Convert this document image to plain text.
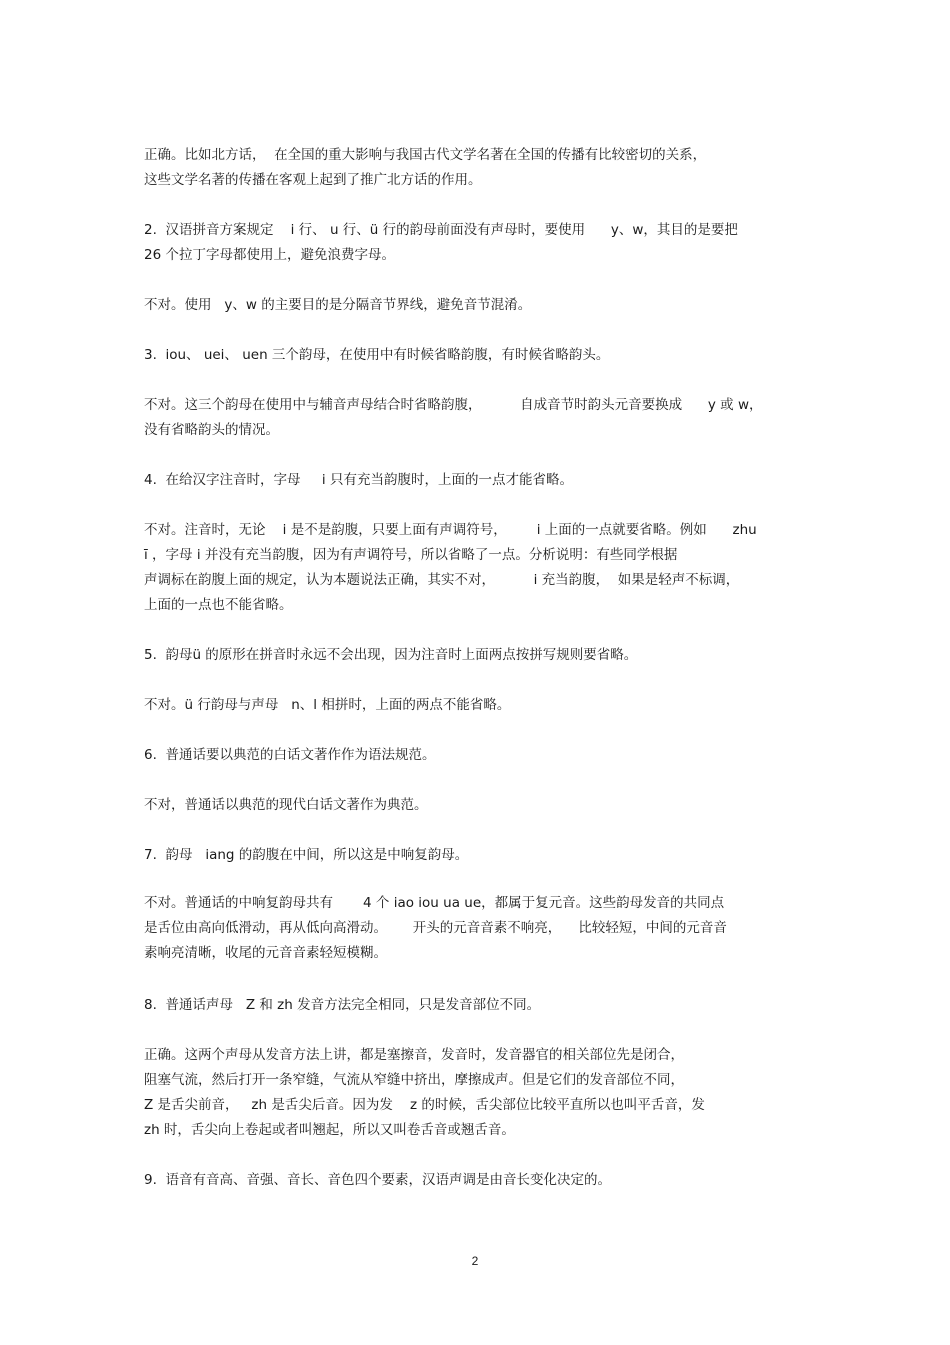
正确。比如北方话，  在全国的重大影响与我国古代文学名著在全国的传播有比较密切的关系，

这些文学名著的传播在客观上起到了推广北方话的作用。

2.  汉语拼音方案规定    i 行、 u 行、ü 行的韵母前面没有声母时，要使用      y、w，其目的是要把

26 个拉丁字母都使用上，避免浪费字母。

不对。使用   y、w 的主要目的是分隔音节界线，避免音节混淆。

3.  iou、 uei、 uen 三个韵母，在使用中有时候省略韵腹，有时候省略韵头。

不对。这三个韵母在使用中与辅音声母结合时省略韵腹，         自成音节时韵头元音要换成      y 或 w，

没有省略韵头的情况。

4.  在给汉字注音时，字母     i 只有充当韵腹时，上面的一点才能省略。

不对。注音时，无论    i 是不是韵腹，只要上面有声调符号，       i 上面的一点就要省略。例如      zhu

ī ，字母 i 并没有充当韵腹，因为有声调符号，所以省略了一点。分析说明：有些同学根据

声调标在韵腹上面的规定，认为本题说法正确，其实不对，         i 充当韵腹，  如果是轻声不标调，

上面的一点也不能省略。

5.  韵母ü 的原形在拼音时永远不会出现，因为注音时上面两点按拼写规则要省略。

不对。ü 行韵母与声母   n、l 相拼时，上面的两点不能省略。

6.  普通话要以典范的白话文著作作为语法规范。

不对，普通话以典范的现代白话文著作为典范。

7.  韵母   iang 的韵腹在中间，所以这是中响复韵母。

不对。普通话的中响复韵母共有       4 个 iao iou ua ue，都属于复元音。这些韵母发音的共同点

是舌位由高向低滑动，再从低向高滑动。      开头的元音音素不响亮，    比较轻短，中间的元音音

素响亮清晰，收尾的元音音素轻短模糊。

8.  普通话声母   Z 和 zh 发音方法完全相同，只是发音部位不同。

正确。这两个声母从发音方法上讲，都是塞擦音，发音时，发音器官的相关部位先是闭合，

阻塞气流，然后打开一条窄缝，气流从窄缝中挤出，摩擦成声。但是它们的发音部位不同，

Z 是舌尖前音，   zh 是舌尖后音。因为发    z 的时候，舌尖部位比较平直所以也叫平舌音，发

zh 时，舌尖向上卷起或者叫翘起，所以又叫卷舌音或翘舌音。

9.  语音有音高、音强、音长、音色四个要素，汉语声调是由音长变化决定的。

2
